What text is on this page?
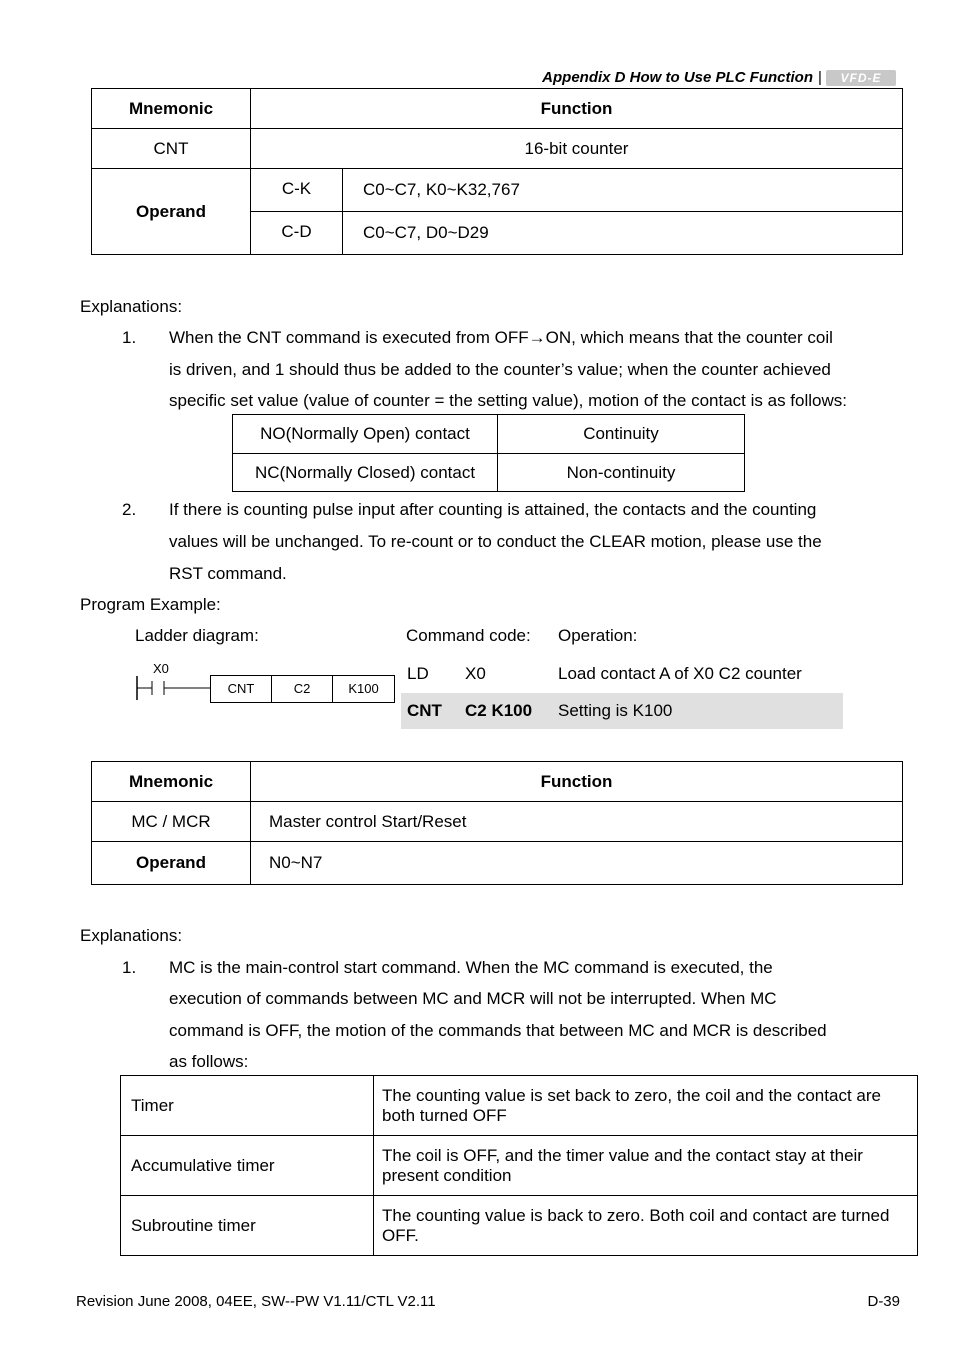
Appendix D How to Use PLC Function |	VFD-E
Mnemonic	Function	
CNT	16-bit counter	
Operand	C-K	C0~C7, K0~K32,767
	C-D	C0~C7, D0~D29
Explanations:
1. When the CNT command is executed from OFF→ON, which means that the counter coil
is driven, and 1 should thus be added to the counter’s value; when the counter achieved
specific set value (value of counter = the setting value), motion of the contact is as follows:
NO(Normally Open) contact	Continuity
NC(Normally Closed) contact	Non-continuity
2. If there is counting pulse input after counting is attained, the contacts and the counting
values will be unchanged. To re-count or to conduct the CLEAR motion, please use the
RST command.
Program Example:
Ladder diagram:	Command code: Operation:
X0
CNT	C2	K100
LD X0	Load contact A of X0 C2 counter
CNT C2 K100 Setting is K100
Mnemonic	Function
MC / MCR	Master control Start/Reset
Operand	N0~N7
Explanations:
1. MC is the main-control start command. When the MC command is executed, the
execution of commands between MC and MCR will not be interrupted. When MC
command is OFF, the motion of the commands that between MC and MCR is described
as follows:
Timer	The counting value is set back to zero, the coil and the contact are both turned OFF
Accumulative timer	The coil is OFF, and the timer value and the contact stay at their present condition
Subroutine timer	The counting value is back to zero. Both coil and contact are turned OFF.
Revision June 2008, 04EE, SW--PW V1.11/CTL V2.11	D-39
